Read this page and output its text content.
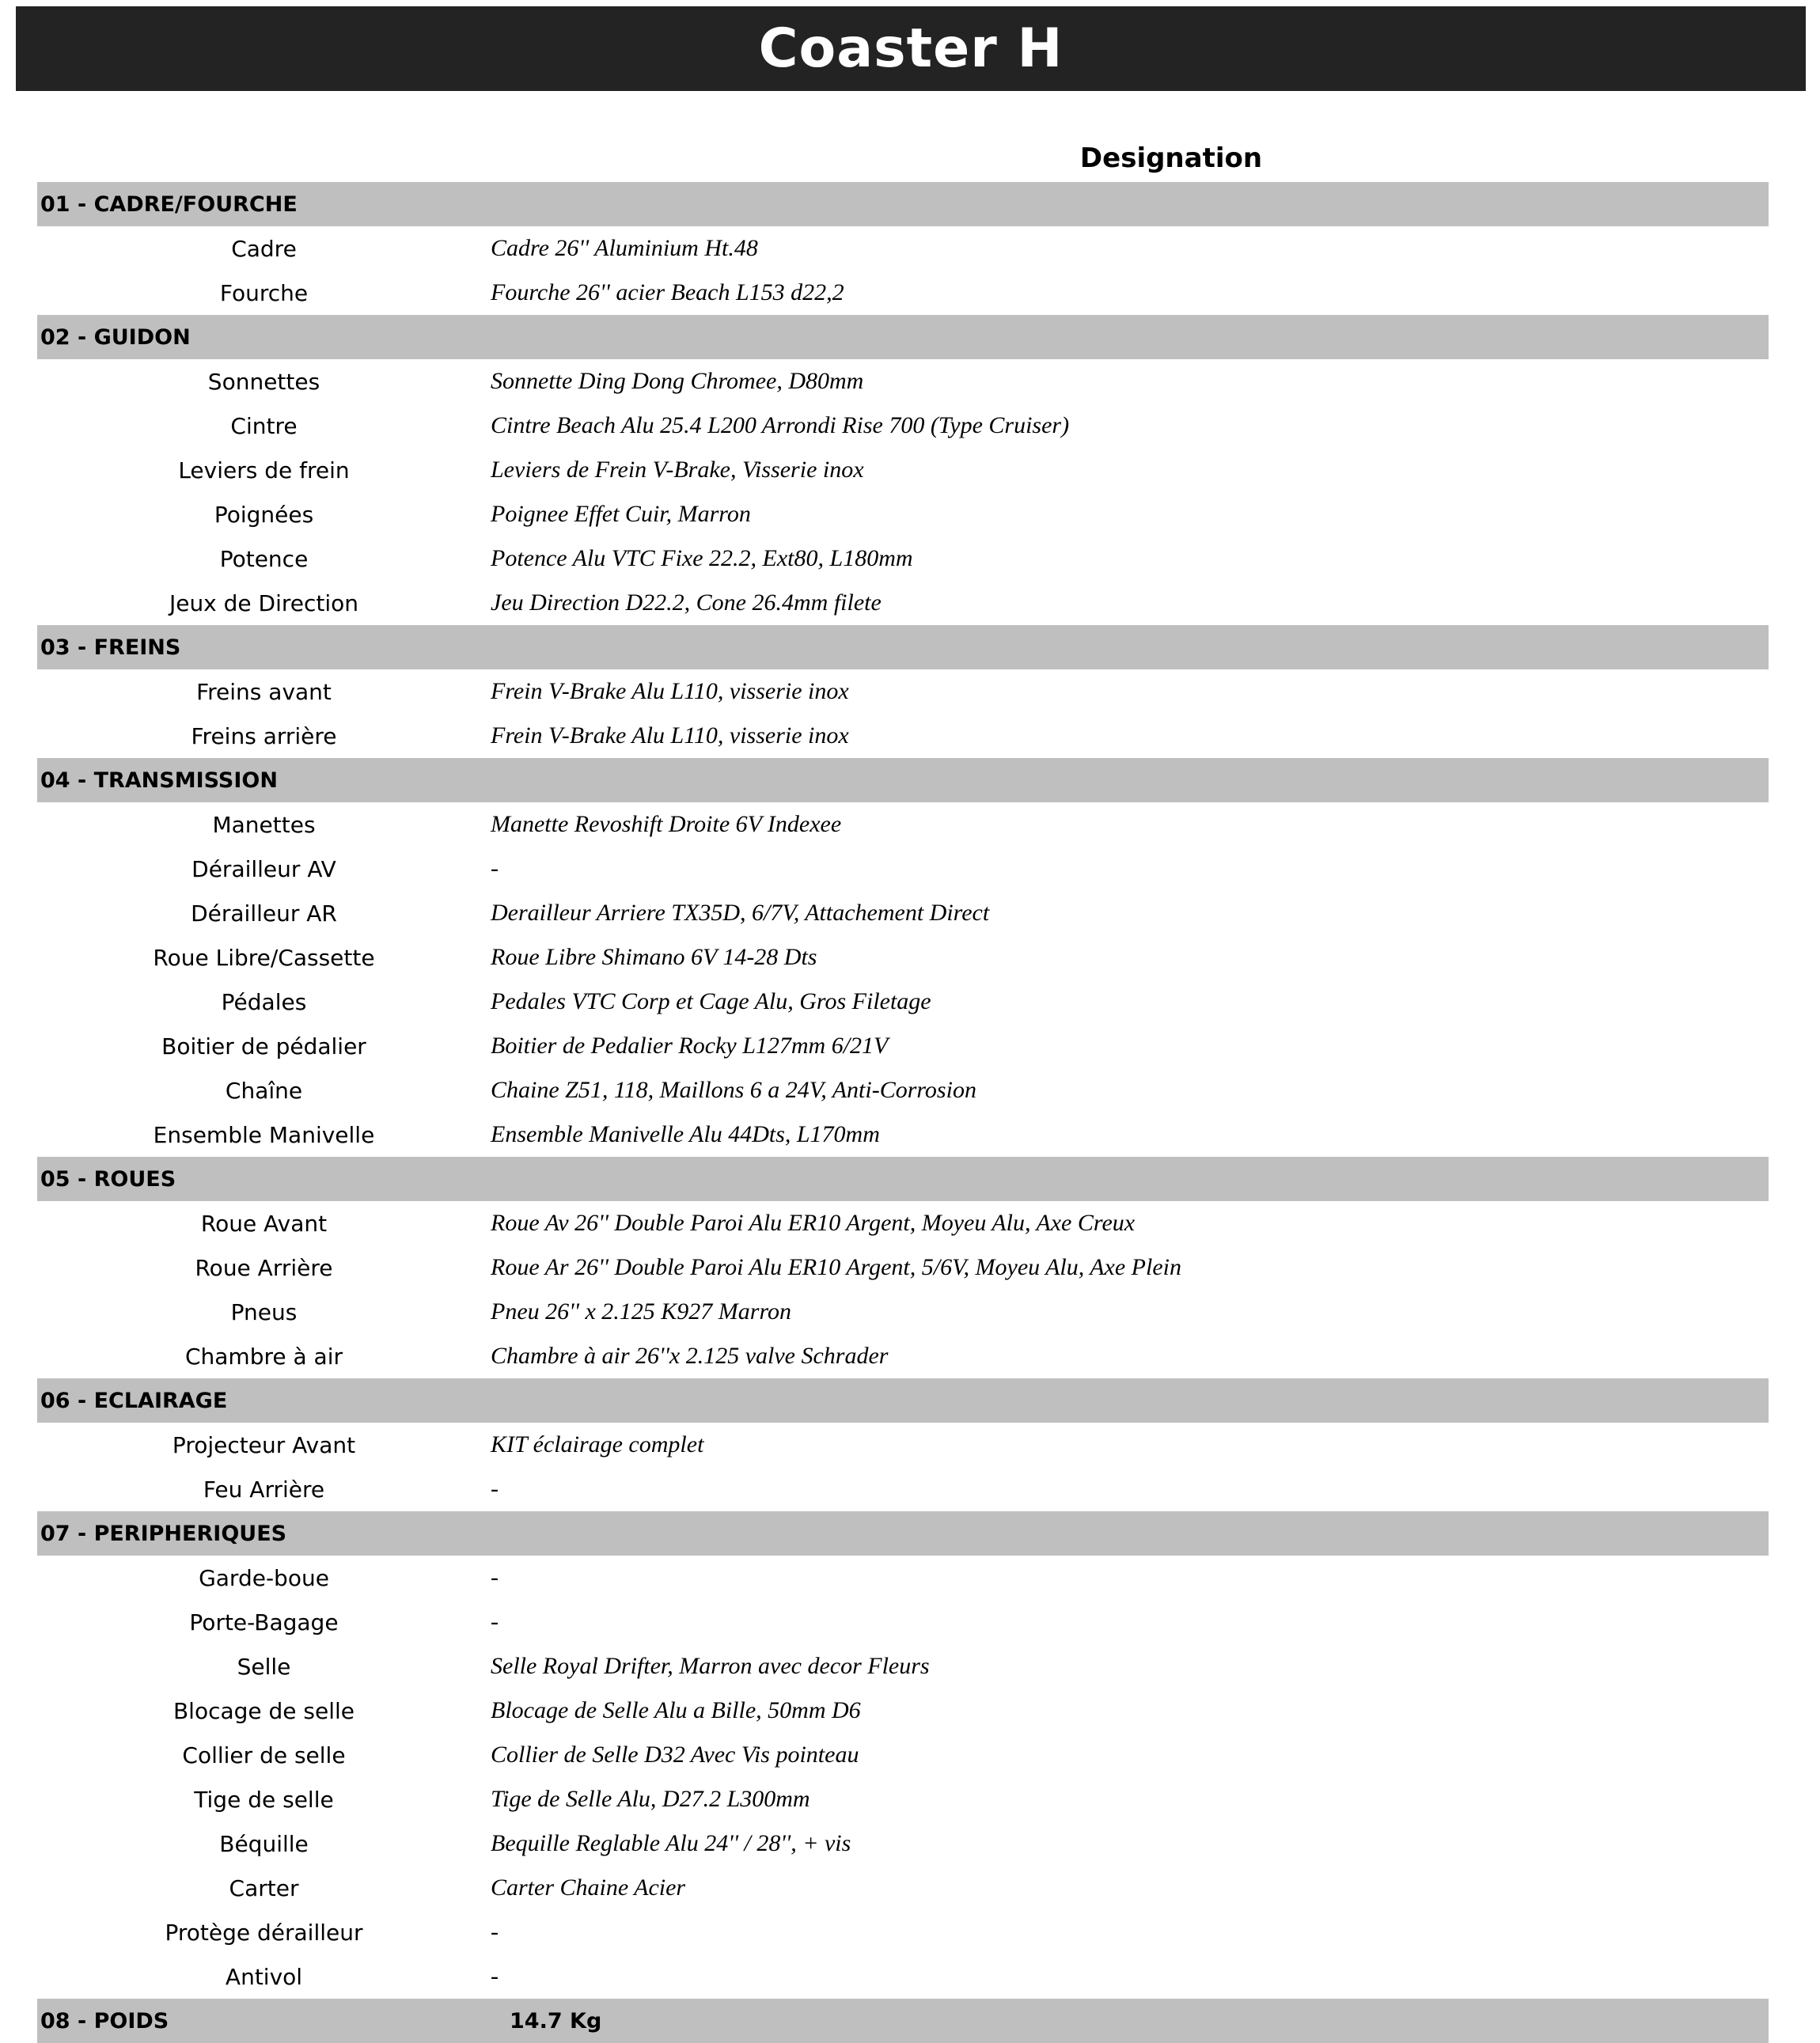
Coaster H
Designation
01 - CADRE/FOURCHE
Cadre	Cadre 26'' Aluminium Ht.48
Fourche	Fourche 26'' acier Beach L153 d22,2
02 - GUIDON
Sonnettes	Sonnette Ding Dong Chromee, D80mm
Cintre	Cintre Beach Alu 25.4 L200 Arrondi Rise 700 (Type Cruiser)
Leviers de frein	Leviers de Frein V-Brake, Visserie inox
Poignées	Poignee Effet Cuir, Marron
Potence	Potence Alu VTC Fixe 22.2, Ext80, L180mm
Jeux de Direction	Jeu Direction D22.2, Cone 26.4mm filete
03 - FREINS
Freins avant	Frein V-Brake Alu L110, visserie inox
Freins arrière	Frein V-Brake Alu L110, visserie inox
04 - TRANSMISSION
Manettes	Manette Revoshift Droite 6V Indexee
Dérailleur AV	-
Dérailleur AR	Derailleur Arriere TX35D, 6/7V, Attachement Direct
Roue Libre/Cassette	Roue Libre Shimano 6V 14-28 Dts
Pédales	Pedales VTC Corp et Cage Alu, Gros Filetage
Boitier de pédalier	Boitier de Pedalier Rocky L127mm 6/21V
Chaîne	Chaine Z51, 118, Maillons 6 a 24V, Anti-Corrosion
Ensemble Manivelle	Ensemble Manivelle Alu 44Dts, L170mm
05 - ROUES
Roue Avant	Roue Av 26'' Double Paroi Alu ER10 Argent, Moyeu Alu, Axe Creux
Roue Arrière	Roue Ar 26'' Double Paroi Alu ER10 Argent, 5/6V, Moyeu Alu, Axe Plein
Pneus	Pneu 26'' x 2.125 K927 Marron
Chambre à air	Chambre à air 26''x 2.125 valve Schrader
06 - ECLAIRAGE
Projecteur Avant	KIT éclairage complet
Feu Arrière	-
07 - PERIPHERIQUES
Garde-boue	-
Porte-Bagage	-
Selle	Selle Royal Drifter, Marron avec decor Fleurs
Blocage de selle	Blocage de Selle Alu a Bille, 50mm D6
Collier de selle	Collier de Selle D32 Avec Vis pointeau
Tige de selle	Tige de Selle Alu, D27.2 L300mm
Béquille	Bequille Reglable Alu 24'' / 28'', + vis
Carter	Carter Chaine Acier
Protège dérailleur	-
Antivol	-
08 - POIDS	14.7 Kg
